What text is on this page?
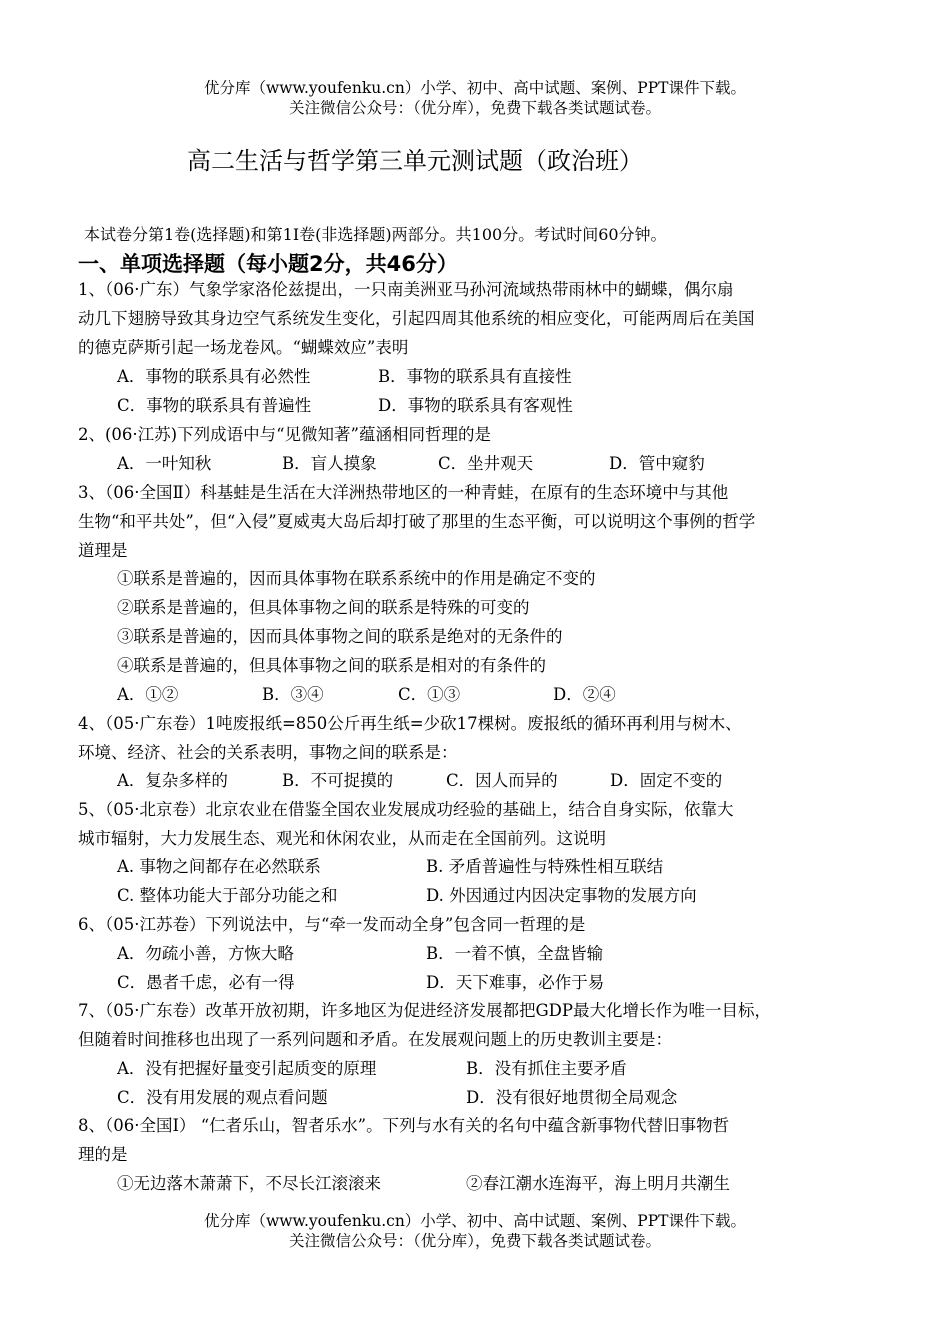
优分库（www.youfenku.cn）小学、初中、高中试题、案例、PPT课件下载。
关注微信公众号：（优分库），免费下载各类试题试卷。
高二生活与哲学第三单元测试题（政治班）
本试卷分第1卷(选择题)和第1I卷(非选择题)两部分。共100分。考试时间60分钟。
一、单项选择题（每小题2分，共46分）
1、（06·广东）气象学家洛伦兹提出，一只南美洲亚马孙河流域热带雨林中的蝴蝶，偶尔扇
动几下翅膀导致其身边空气系统发生变化，引起四周其他系统的相应变化，可能两周后在美国
的德克萨斯引起一场龙卷风。“蝴蝶效应”表明
A．事物的联系具有必然性	B．事物的联系具有直接性
C．事物的联系具有普遍性	D．事物的联系具有客观性
2、(06·江苏)下列成语中与“见微知著”蕴涵相同哲理的是
A．一叶知秋	B．盲人摸象	C．坐井观天	D．管中窥豹
3、（06·全国Ⅱ）科基蛙是生活在大洋洲热带地区的一种青蛙，在原有的生态环境中与其他
生物“和平共处”，但“入侵”夏威夷大岛后却打破了那里的生态平衡，可以说明这个事例的哲学
道理是
①联系是普遍的，因而具体事物在联系系统中的作用是确定不变的
②联系是普遍的，但具体事物之间的联系是特殊的可变的
③联系是普遍的，因而具体事物之间的联系是绝对的无条件的
④联系是普遍的，但具体事物之间的联系是相对的有条件的
A．①②	B．③④	C．①③	D．②④
4、（05·广东卷）1吨废报纸=850公斤再生纸=少砍17棵树。废报纸的循环再利用与树木、
环境、经济、社会的关系表明，事物之间的联系是：
A．复杂多样的	B．不可捉摸的	C．因人而异的	D．固定不变的
5、（05·北京卷）北京农业在借鉴全国农业发展成功经验的基础上，结合自身实际，依靠大
城市辐射，大力发展生态、观光和休闲农业，从而走在全国前列。这说明
A. 事物之间都存在必然联系	B. 矛盾普遍性与特殊性相互联结
C. 整体功能大于部分功能之和	D. 外因通过内因决定事物的发展方向
6、（05·江苏卷）下列说法中，与“牵一发而动全身”包含同一哲理的是
A．勿疏小善，方恢大略	B．一着不慎，全盘皆输
C．愚者千虑，必有一得	D．天下难事，必作于易
7、（05·广东卷）改革开放初期，许多地区为促进经济发展都把GDP最大化增长作为唯一目标，
但随着时间推移也出现了一系列问题和矛盾。在发展观问题上的历史教训主要是：
A．没有把握好量变引起质变的原理	B．没有抓住主要矛盾
C．没有用发展的观点看问题	D．没有很好地贯彻全局观念
8、（06·全国Ⅰ） “仁者乐山，智者乐水”。下列与水有关的名句中蕴含新事物代替旧事物哲
理的是
①无边落木萧萧下，不尽长江滚滚来	②春江潮水连海平，海上明月共潮生
优分库（www.youfenku.cn）小学、初中、高中试题、案例、PPT课件下载。
关注微信公众号：（优分库），免费下载各类试题试卷。
